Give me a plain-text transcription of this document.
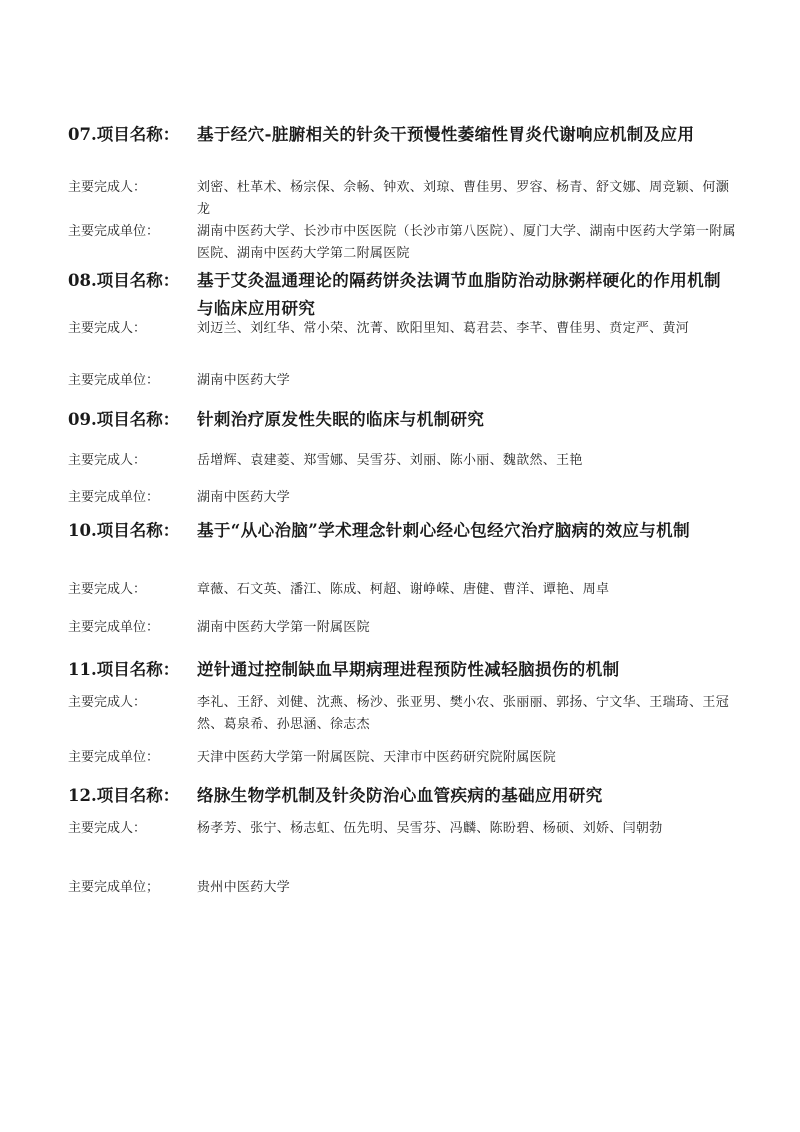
07.项目名称：	基于经穴-脏腑相关的针灸干预慢性萎缩性胃炎代谢响应机制及应用
主要完成人：	刘密、杜革术、杨宗保、佘畅、钟欢、刘琼、曹佳男、罗容、杨青、舒文娜、周竞颖、何灏龙
主要完成单位：	湖南中医药大学、长沙市中医医院（长沙市第八医院）、厦门大学、湖南中医药大学第一附属医院、湖南中医药大学第二附属医院
08.项目名称：	基于艾灸温通理论的隔药饼灸法调节血脂防治动脉粥样硬化的作用机制与临床应用研究
主要完成人：	刘迈兰、刘红华、常小荣、沈菁、欧阳里知、葛君芸、李芊、曹佳男、贲定严、黄河
主要完成单位：	湖南中医药大学
09.项目名称：	针刺治疗原发性失眠的临床与机制研究
主要完成人：	岳增辉、袁建菱、郑雪娜、吴雪芬、刘丽、陈小丽、魏歆然、王艳
主要完成单位：	湖南中医药大学
10.项目名称：	基于“从心治脑”学术理念针刺心经心包经穴治疗脑病的效应与机制
主要完成人：	章薇、石文英、潘江、陈成、柯超、谢峥嵘、唐健、曹洋、谭艳、周卓
主要完成单位：	湖南中医药大学第一附属医院
11.项目名称：	逆针通过控制缺血早期病理进程预防性减轻脑损伤的机制
主要完成人：	李礼、王舒、刘健、沈燕、杨沙、张亚男、樊小农、张丽丽、郭扬、宁文华、王瑞琦、王冠然、葛泉希、孙思涵、徐志杰
主要完成单位：	天津中医药大学第一附属医院、天津市中医药研究院附属医院
12.项目名称：	络脉生物学机制及针灸防治心血管疾病的基础应用研究
主要完成人：	杨孝芳、张宁、杨志虹、伍先明、吴雪芬、冯麟、陈盼碧、杨硕、刘娇、闫朝勃
主要完成单位；	贵州中医药大学
